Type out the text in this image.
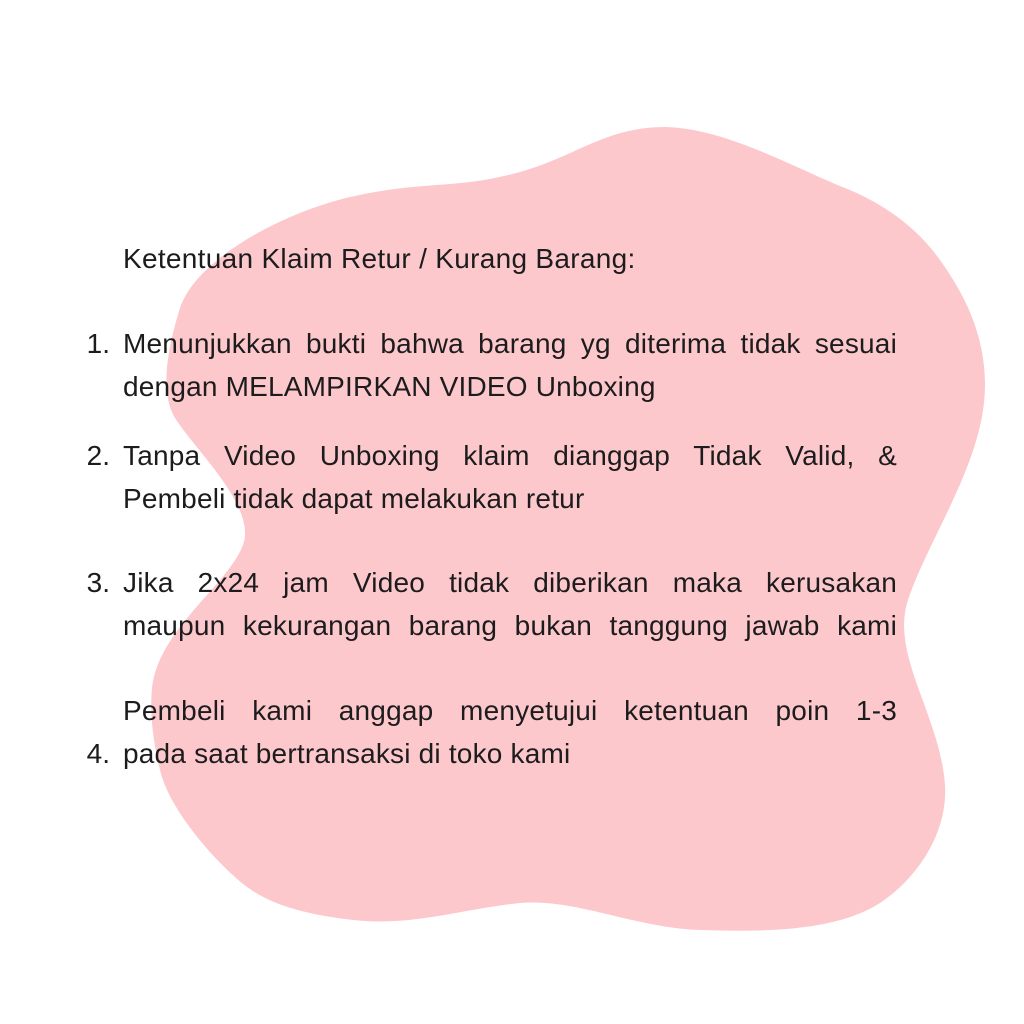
Ketentuan Klaim Retur / Kurang Barang:
1. Menunjukkan bukti bahwa barang yg diterima tidak sesuai
dengan MELAMPIRKAN VIDEO Unboxing
2. Tanpa Video Unboxing klaim dianggap Tidak Valid, &
Pembeli tidak dapat melakukan retur
3. Jika 2x24 jam Video tidak diberikan maka kerusakan
maupun kekurangan barang bukan tanggung jawab kami
4.
Pembeli kami anggap menyetujui ketentuan poin 1-3
pada saat bertransaksi di toko kami
